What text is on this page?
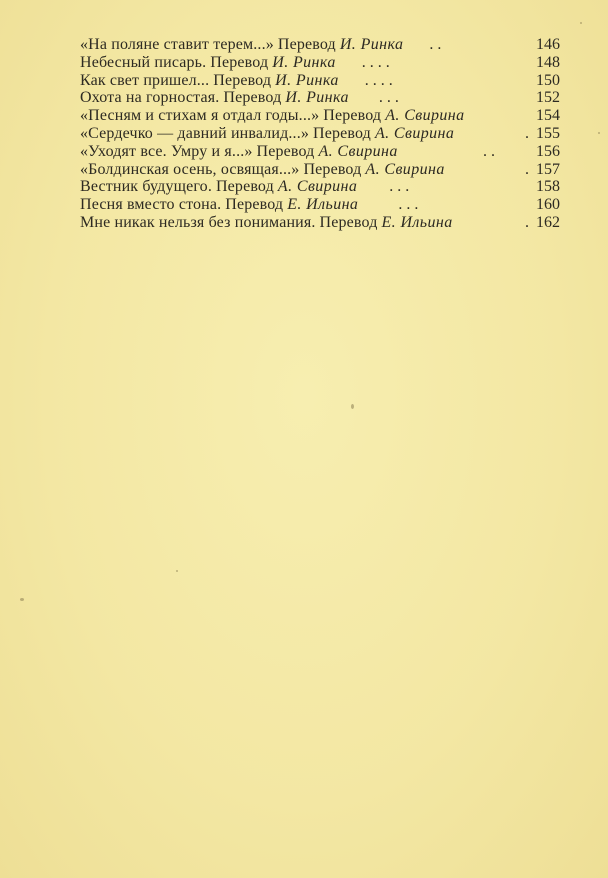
«На поляне ставит терем...» Перевод И. Ринка . .	146
Небесный писарь. Перевод И. Ринка . . . .	148
Как свет пришел... Перевод И. Ринка . . . .	150
Охота на горностая. Перевод И. Ринка . . .	152
«Песням и стихам я отдал годы...» Перевод А. Свирина	154
«Сердечко — давний инвалид...» Перевод А. Свирина	. 155
«Уходят все. Умру и я...» Перевод А. Свирина	. .	156
«Болдинская осень, освящая...» Перевод А. Свирина	. 157
Вестник будущего. Перевод А. Свирина . . .	158
Песня вместо стона. Перевод Е. Ильина	. . .	160
Мне никак нельзя без понимания. Перевод Е. Ильина	. 162
